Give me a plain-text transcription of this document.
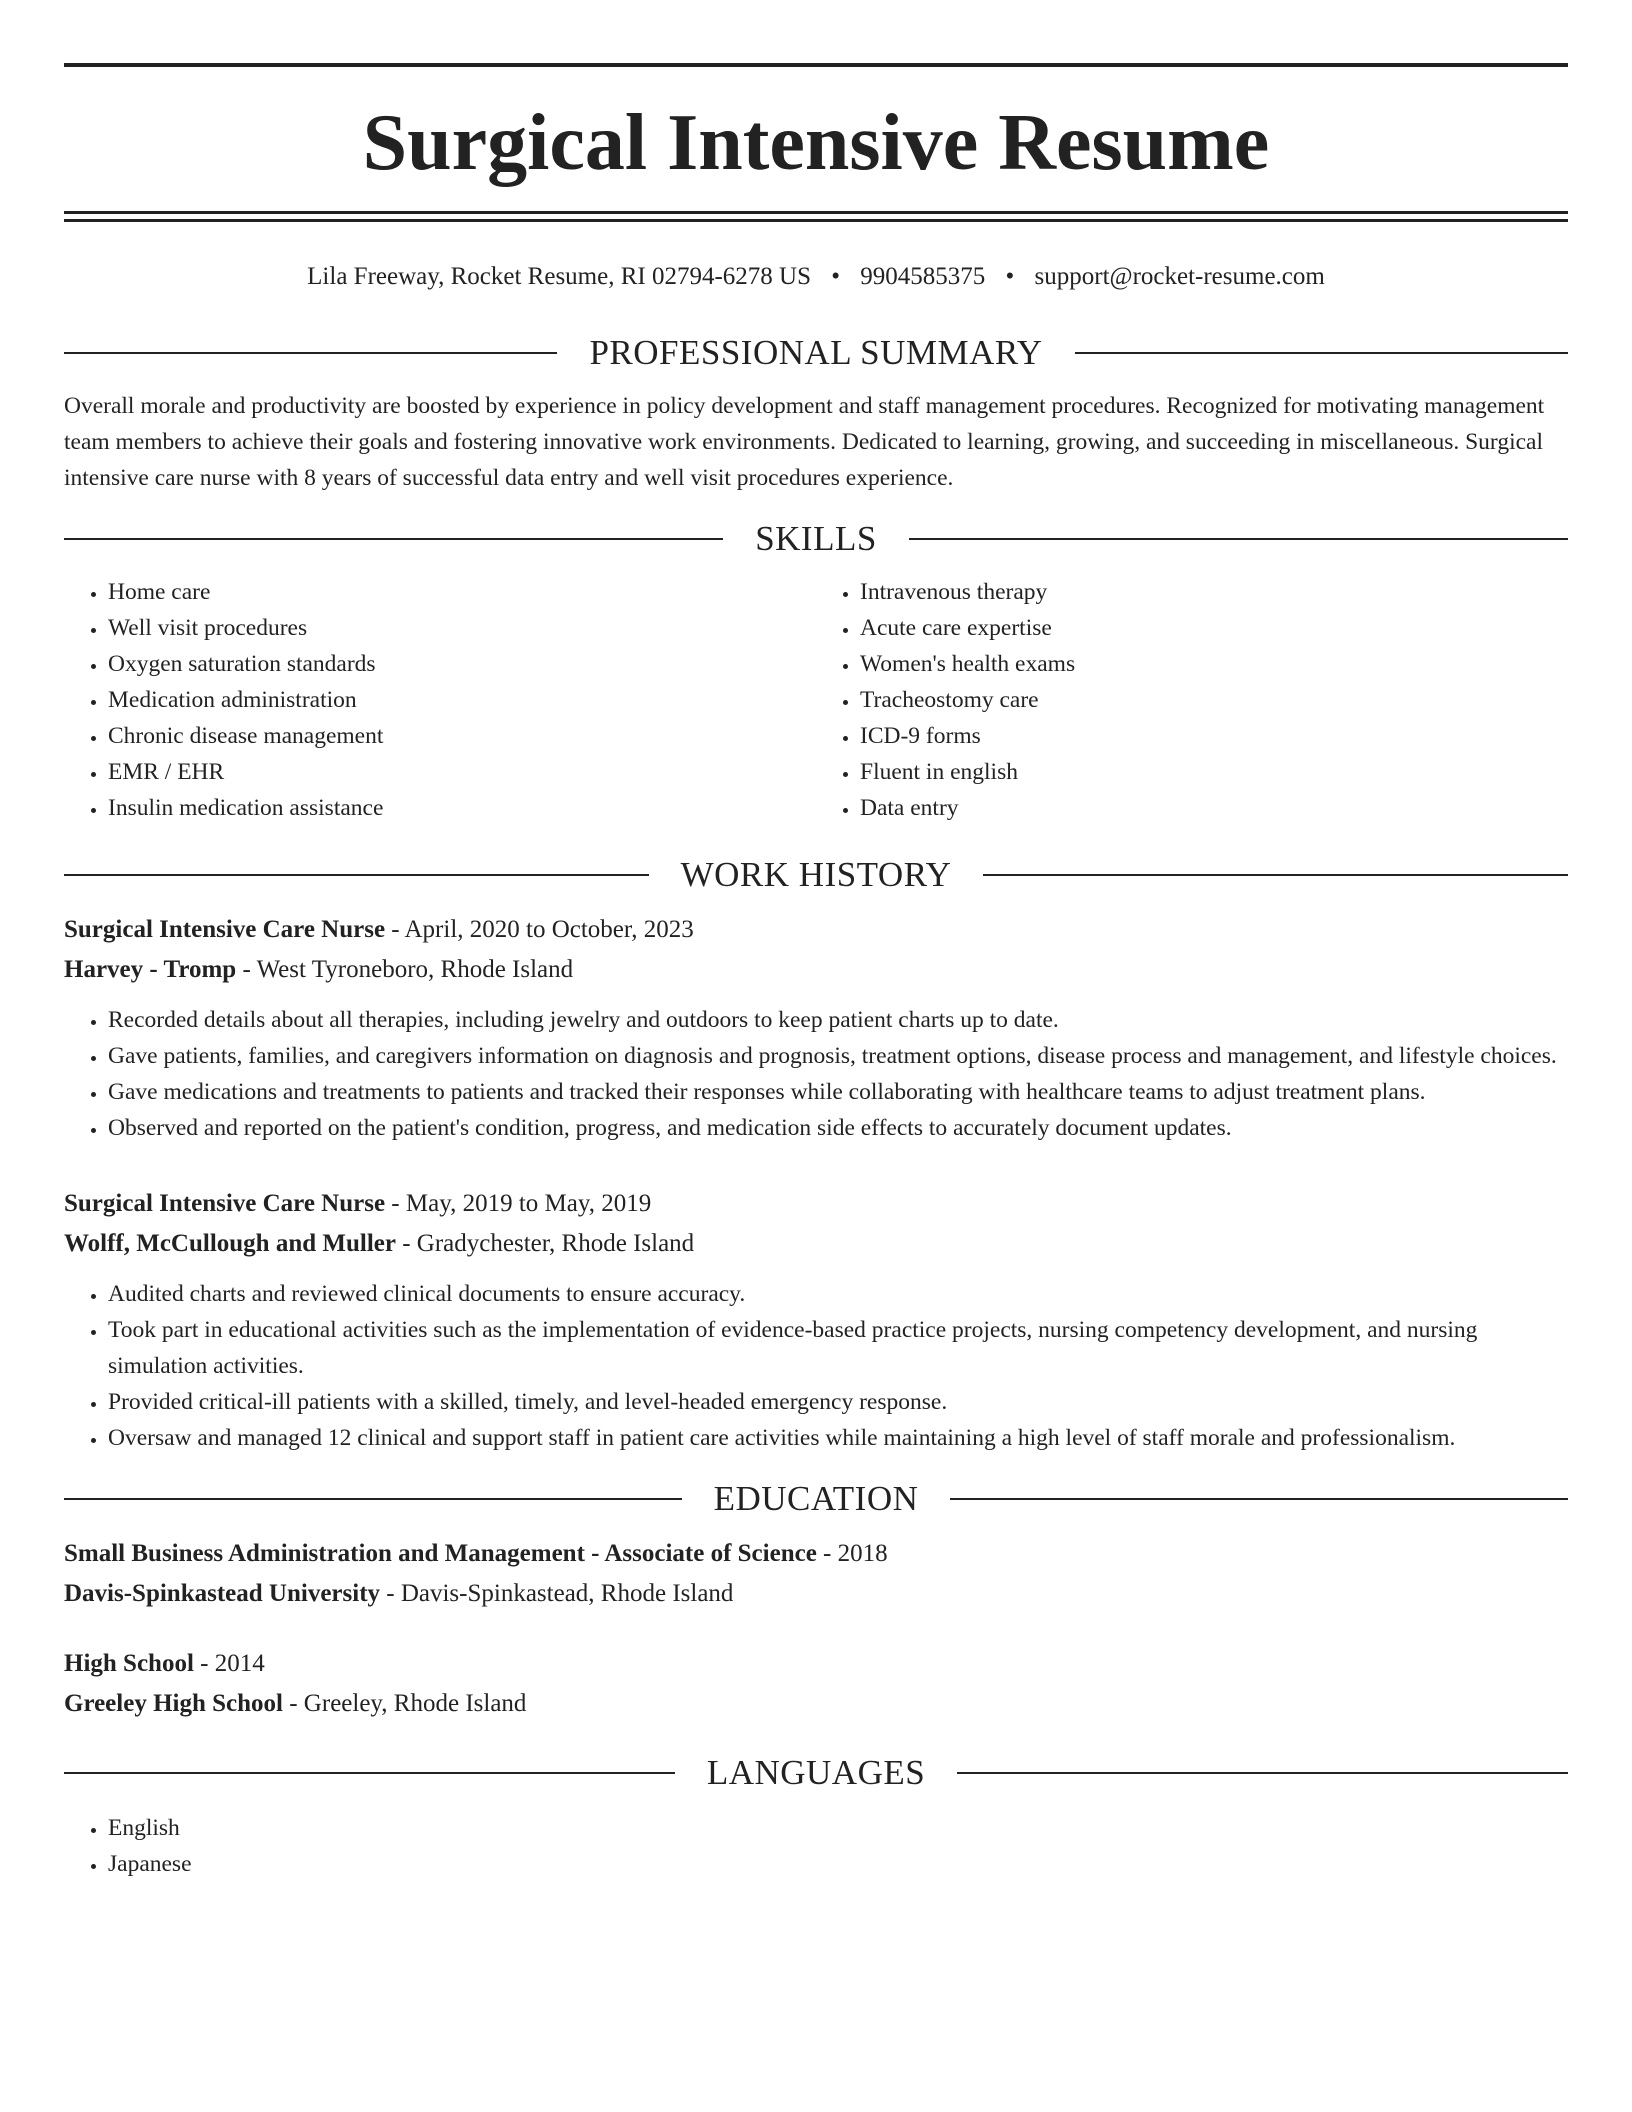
Surgical Intensive Resume
Lila Freeway, Rocket Resume, RI 02794-6278 US • 9904585375 • support@rocket-resume.com
PROFESSIONAL SUMMARY

Overall morale and productivity are boosted by experience in policy development and staff management procedures. Recognized for motivating management team members to achieve their goals and fostering innovative work environments. Dedicated to learning, growing, and succeeding in miscellaneous. Surgical intensive care nurse with 8 years of successful data entry and well visit procedures experience.

SKILLS
• Home care
• Well visit procedures
• Oxygen saturation standards
• Medication administration
• Chronic disease management
• EMR / EHR
• Insulin medication assistance
• Intravenous therapy
• Acute care expertise
• Women's health exams
• Tracheostomy care
• ICD-9 forms
• Fluent in english
• Data entry
WORK HISTORY
Surgical Intensive Care Nurse - April, 2020 to October, 2023
Harvey - Tromp - West Tyroneboro, Rhode Island
• Recorded details about all therapies, including jewelry and outdoors to keep patient charts up to date.
• Gave patients, families, and caregivers information on diagnosis and prognosis, treatment options, disease process and management, and lifestyle choices.
• Gave medications and treatments to patients and tracked their responses while collaborating with healthcare teams to adjust treatment plans.
• Observed and reported on the patient's condition, progress, and medication side effects to accurately document updates.
Surgical Intensive Care Nurse - May, 2019 to May, 2019
Wolff, McCullough and Muller - Gradychester, Rhode Island
• Audited charts and reviewed clinical documents to ensure accuracy.
• Took part in educational activities such as the implementation of evidence-based practice projects, nursing competency development, and nursing simulation activities.
• Provided critical-ill patients with a skilled, timely, and level-headed emergency response.
• Oversaw and managed 12 clinical and support staff in patient care activities while maintaining a high level of staff morale and professionalism.
EDUCATION
Small Business Administration and Management - Associate of Science - 2018
Davis-Spinkastead University - Davis-Spinkastead, Rhode Island
High School - 2014
Greeley High School - Greeley, Rhode Island
LANGUAGES
• English
• Japanese
